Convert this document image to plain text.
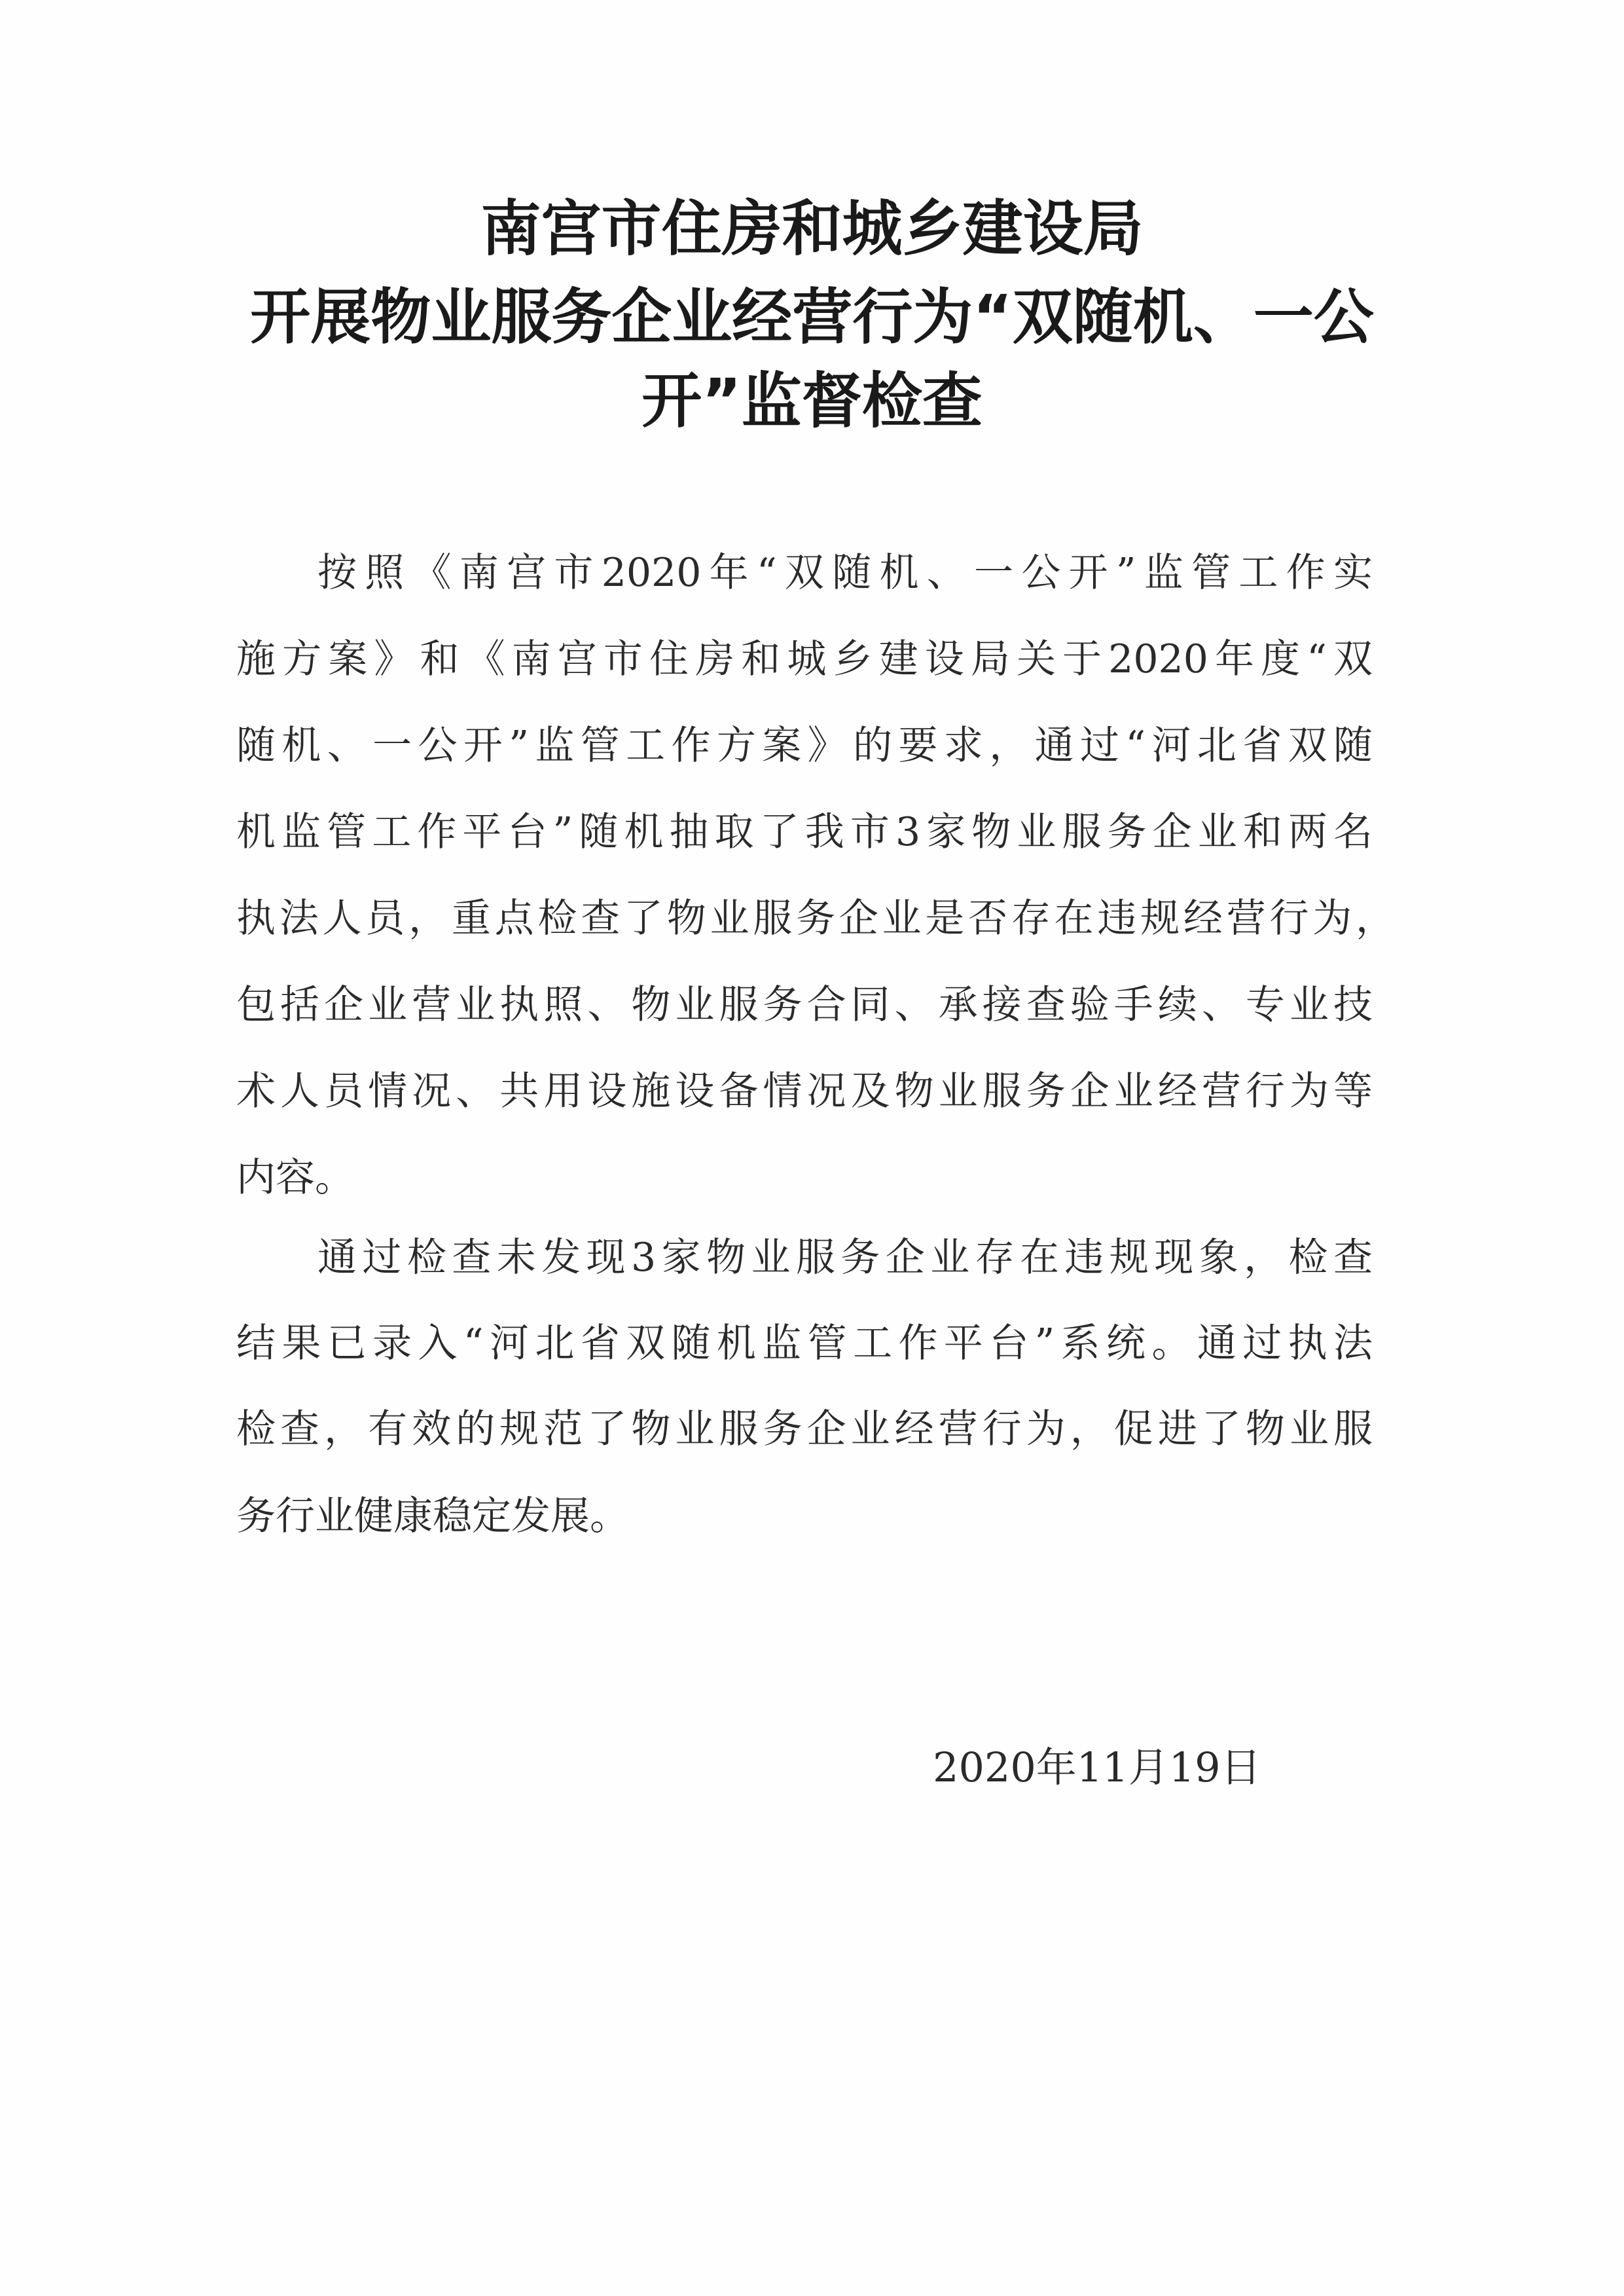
南宫市住房和城乡建设局
开展物业服务企业经营行为“双随机、一公
开”监督检查
按照《南宫市2020年“双随机、一公开”监管工作实
施方案》和《南宫市住房和城乡建设局关于2020年度“双
随机、一公开”监管工作方案》的要求，通过“河北省双随
机监管工作平台”随机抽取了我市3家物业服务企业和两名
执法人员，重点检查了物业服务企业是否存在违规经营行为，
包括企业营业执照、物业服务合同、承接查验手续、专业技
术人员情况、共用设施设备情况及物业服务企业经营行为等
内容。
通过检查未发现3家物业服务企业存在违规现象，检查
结果已录入“河北省双随机监管工作平台”系统。通过执法
检查，有效的规范了物业服务企业经营行为，促进了物业服
务行业健康稳定发展。
2020年11月19日
